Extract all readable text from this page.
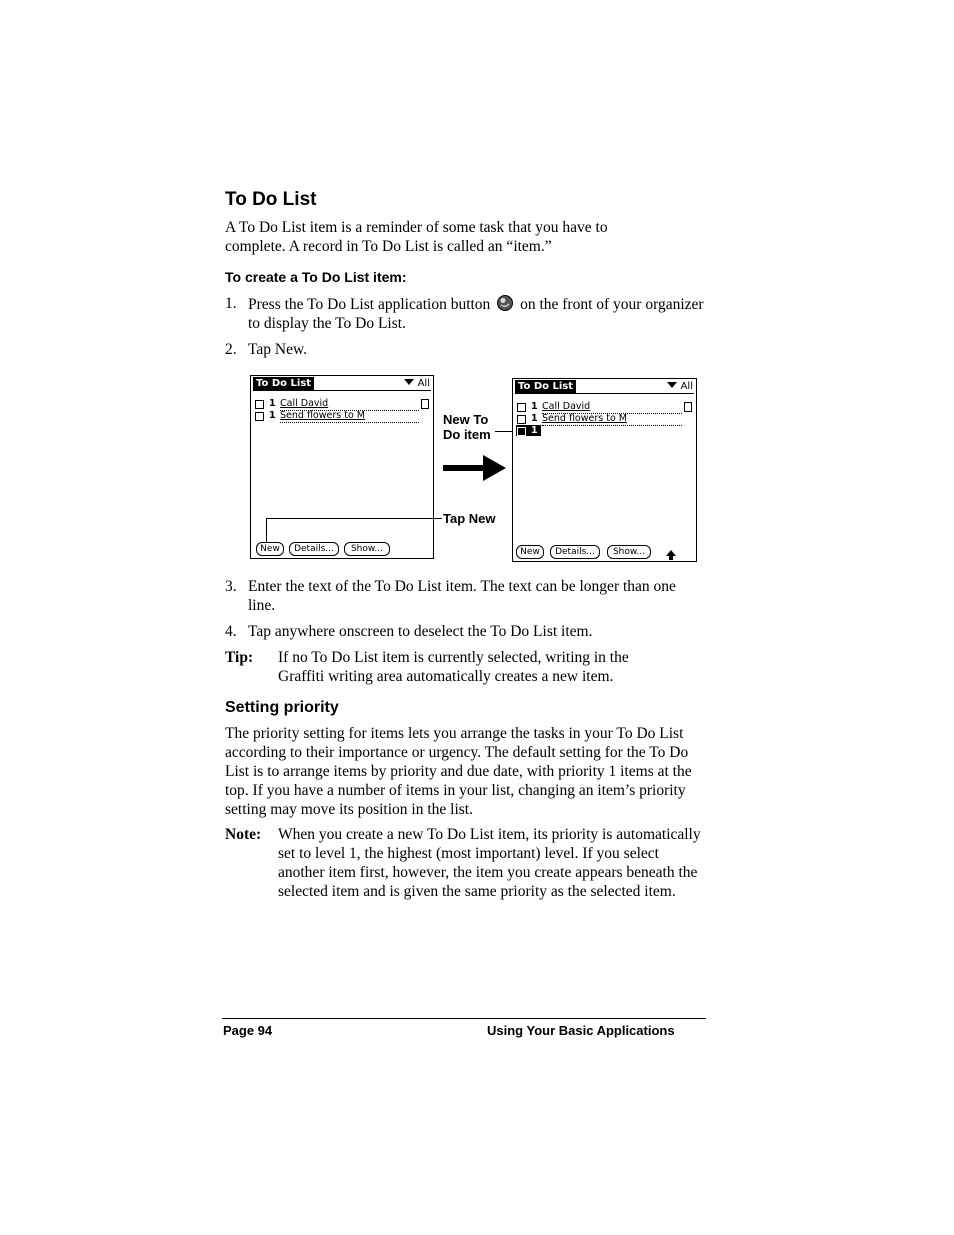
To Do List
A To Do List item is a reminder of some task that you have to complete. A record in To Do List is called an “item.”
To create a To Do List item:
1. Press the To Do List application button on the front of your organizer to display the To Do List.
2. Tap New.
To Do List	All
1 Call David
1 Send flowers to M
New	Details...	Show...
Tap New
New To Do item
To Do List	All
1 Call David
1 Send flowers to M
1
New	Details...	Show...
3. Enter the text of the To Do List item. The text can be longer than one line.
4. Tap anywhere onscreen to deselect the To Do List item.
Tip: If no To Do List item is currently selected, writing in the Graffiti writing area automatically creates a new item.
Setting priority
The priority setting for items lets you arrange the tasks in your To Do List according to their importance or urgency. The default setting for the To Do List is to arrange items by priority and due date, with priority 1 items at the top. If you have a number of items in your list, changing an item’s priority setting may move its position in the list.
Note: When you create a new To Do List item, its priority is automatically set to level 1, the highest (most important) level. If you select another item first, however, the item you create appears beneath the selected item and is given the same priority as the selected item.
Page 94	Using Your Basic Applications
